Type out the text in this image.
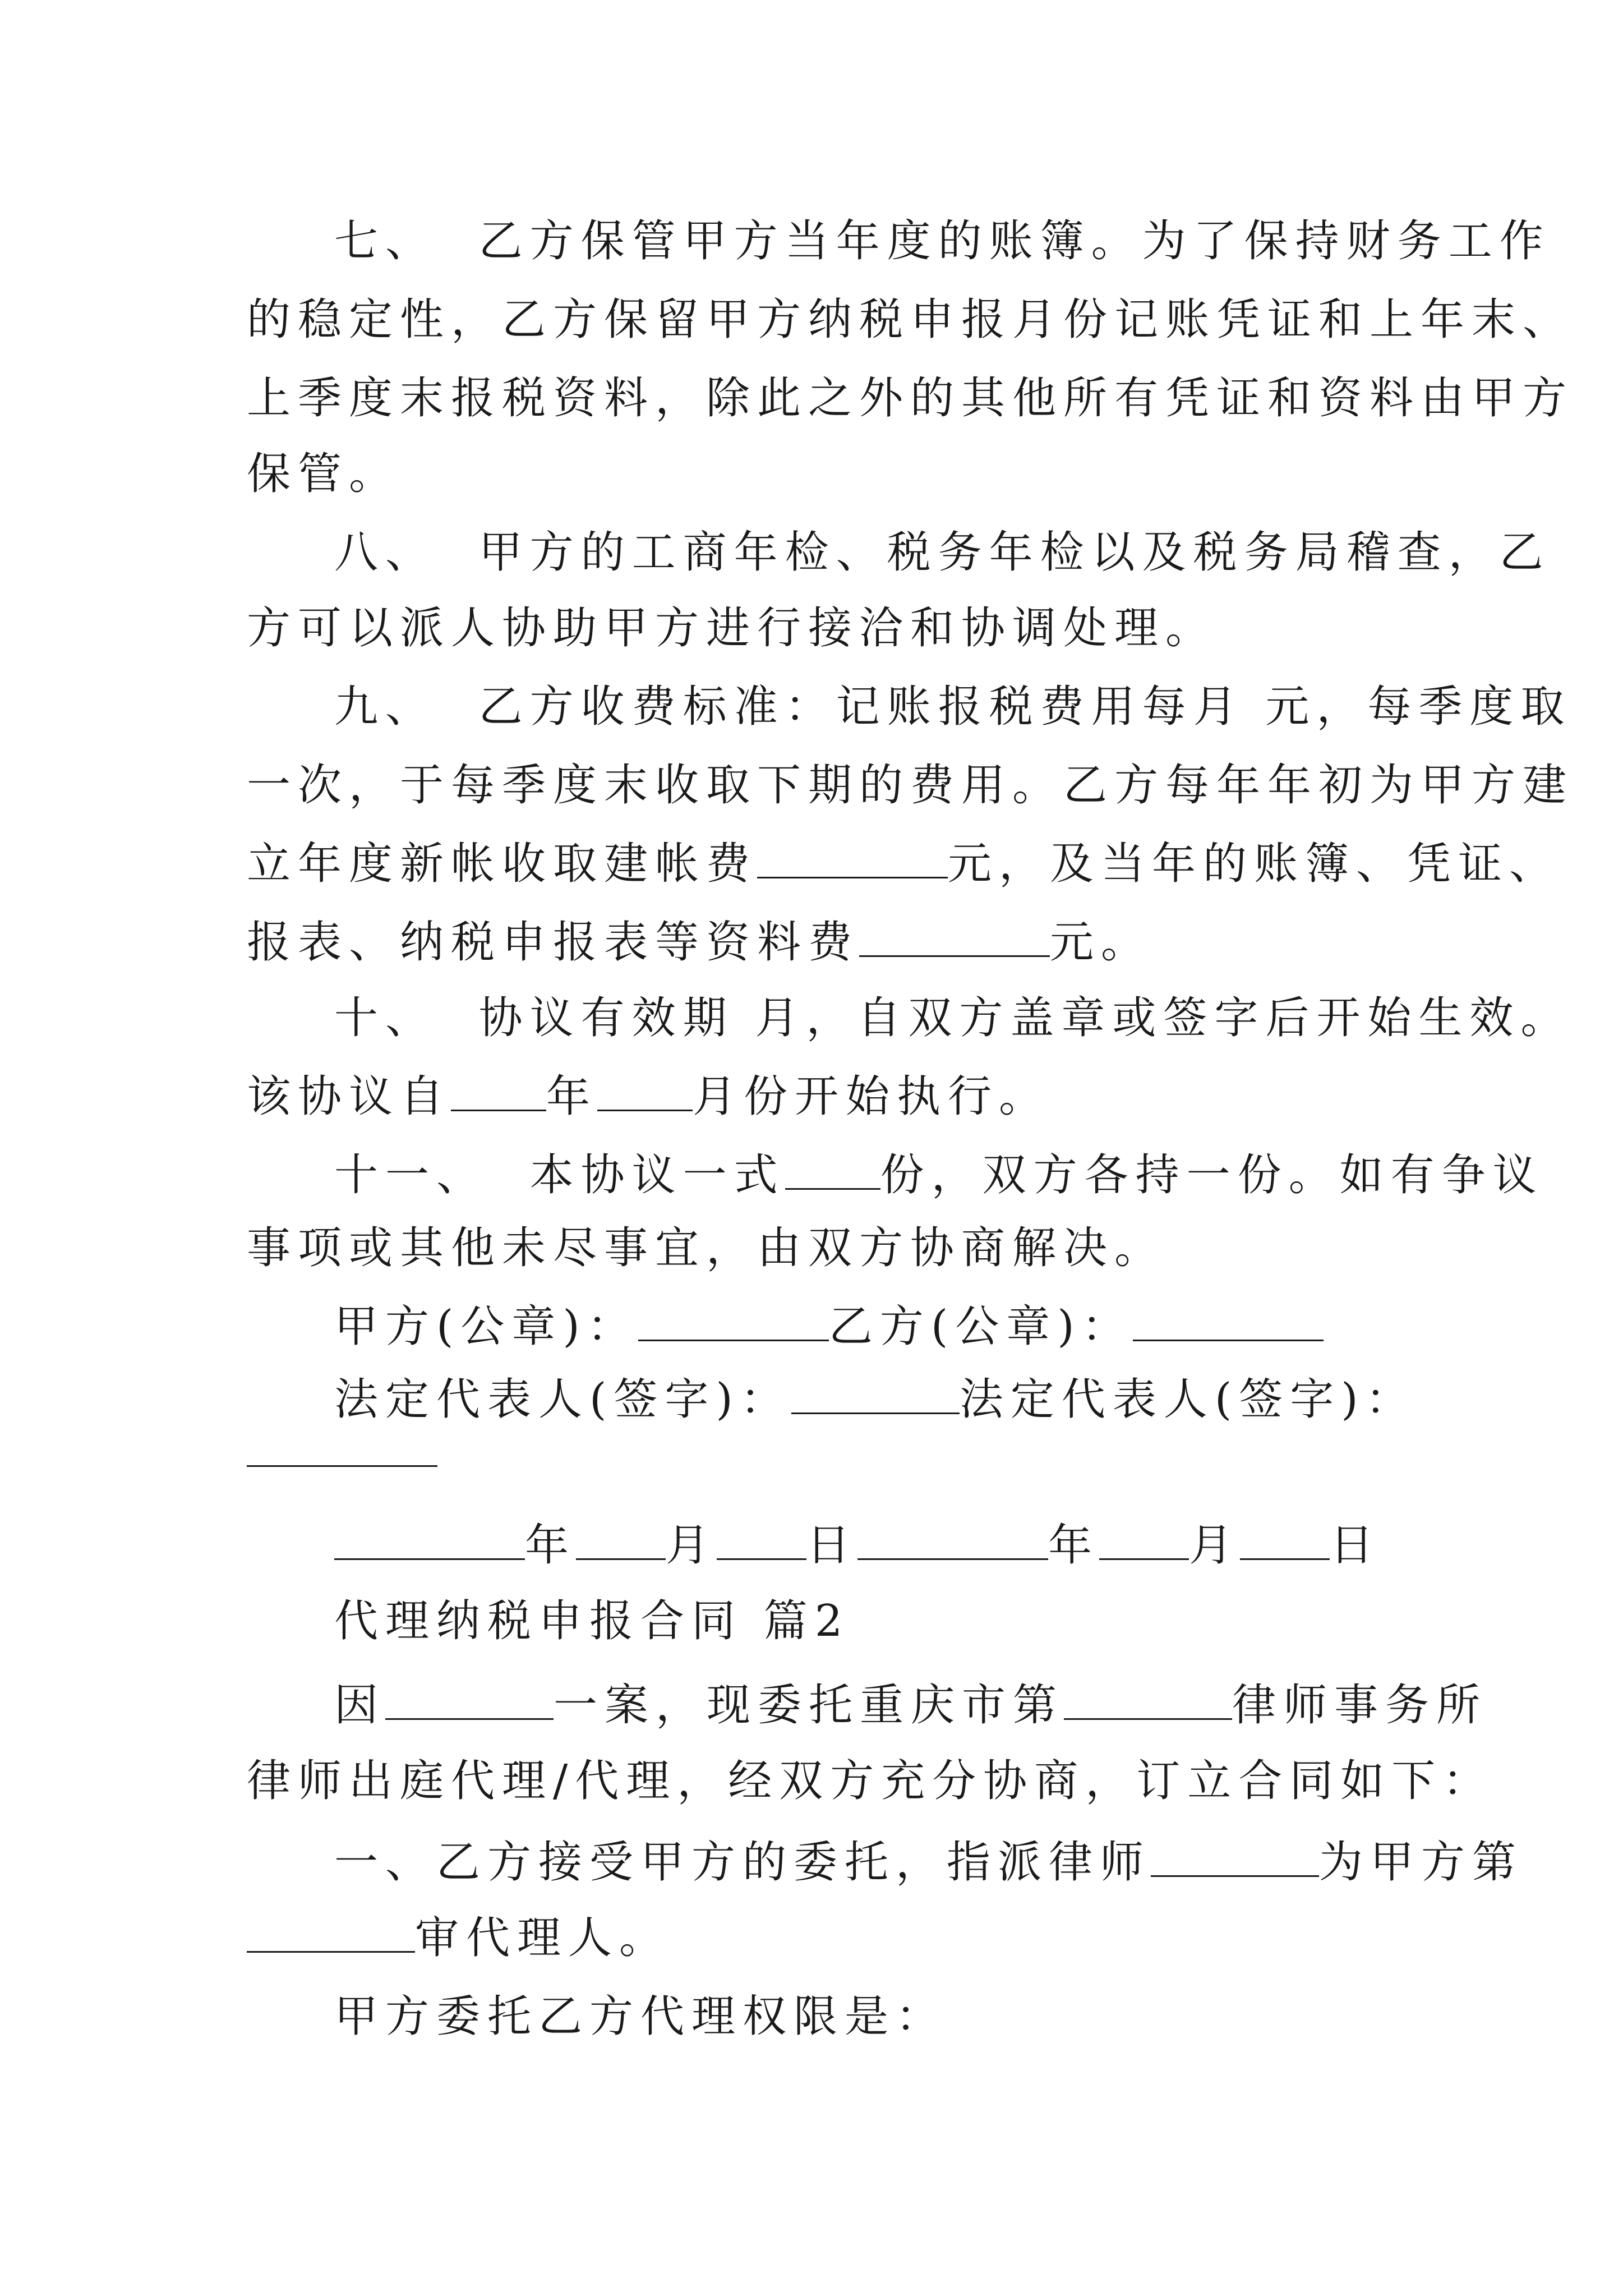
七、  乙方保管甲方当年度的账簿。为了保持财务工作
的稳定性，乙方保留甲方纳税申报月份记账凭证和上年末、
上季度末报税资料，除此之外的其他所有凭证和资料由甲方
保管。
八、  甲方的工商年检、税务年检以及税务局稽查，乙
方可以派人协助甲方进行接洽和协调处理。
九、  乙方收费标准：记账报税费用每月 元，每季度取
一次，于每季度末收取下期的费用。乙方每年年初为甲方建
立年度新帐收取建帐费	元，及当年的账簿、凭证、
报表、纳税申报表等资料费	元。
十、  协议有效期 月，自双方盖章或签字后开始生效。
该协议自 年 月份开始执行。
十一、  本协议一式 份，双方各持一份。如有争议
事项或其他未尽事宜，由双方协商解决。
甲方(公章)：	乙方(公章)：
法定代表人(签字)：	法定代表人(签字)：
年 月 日	年 月 日
代理纳税申报合同 篇2
因	一案，现委托重庆市第	律师事务所
律师出庭代理/代理，经双方充分协商，订立合同如下：
一、乙方接受甲方的委托，指派律师	为甲方第
审代理人。
甲方委托乙方代理权限是：
